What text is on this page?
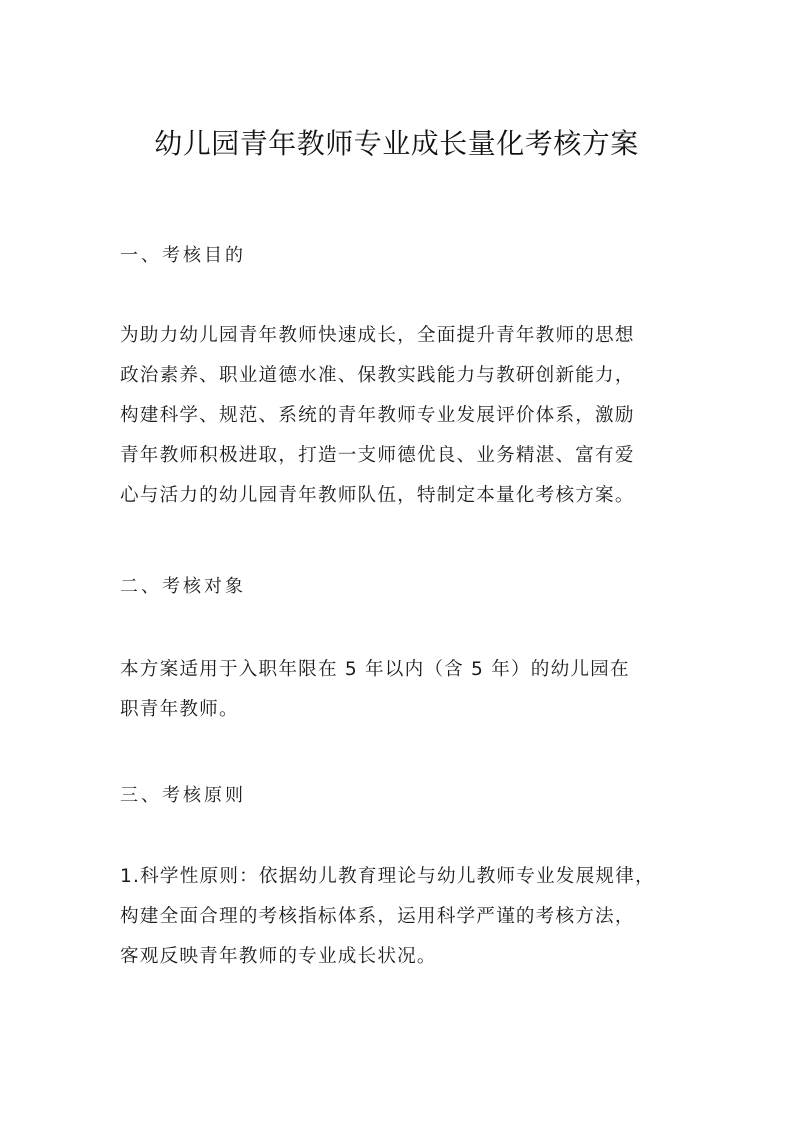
幼儿园青年教师专业成长量化考核方案
一、考核目的
为助力幼儿园青年教师快速成长，全面提升青年教师的思想
政治素养、职业道德水准、保教实践能力与教研创新能力，
构建科学、规范、系统的青年教师专业发展评价体系，激励
青年教师积极进取，打造一支师德优良、业务精湛、富有爱
心与活力的幼儿园青年教师队伍，特制定本量化考核方案。
二、考核对象
本方案适用于入职年限在 5 年以内（含 5 年）的幼儿园在
职青年教师。
三、考核原则
1.科学性原则：依据幼儿教育理论与幼儿教师专业发展规律，
构建全面合理的考核指标体系，运用科学严谨的考核方法，
客观反映青年教师的专业成长状况。
